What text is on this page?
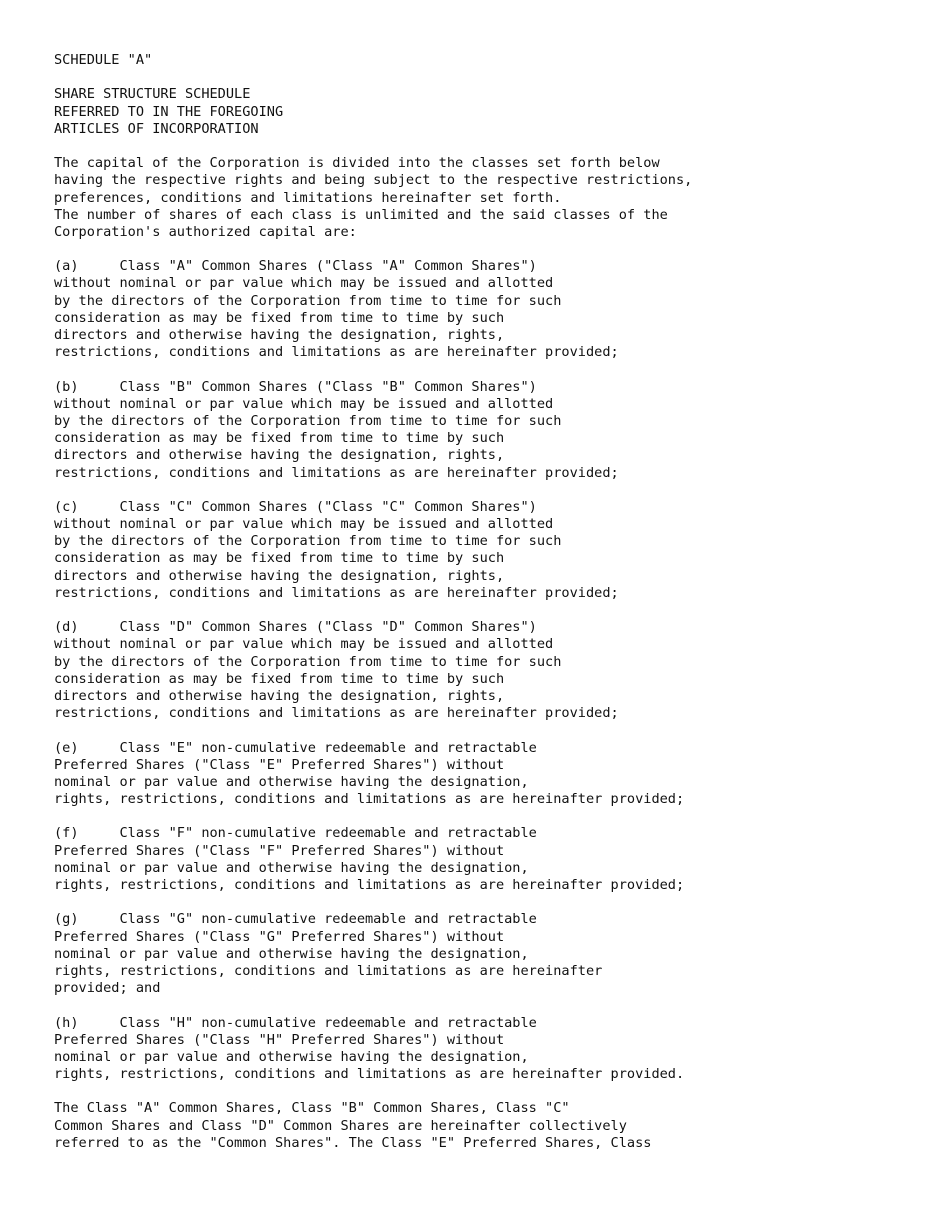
SCHEDULE "A"
SHARE STRUCTURE SCHEDULE
REFERRED TO IN THE FOREGOING
ARTICLES OF INCORPORATION
The capital of the Corporation is divided into the classes set forth below
having the respective rights and being subject to the respective restrictions,
preferences, conditions and limitations hereinafter set forth.
The number of shares of each class is unlimited and the said classes of the
Corporation's authorized capital are:
(a)     Class "A" Common Shares ("Class "A" Common Shares")
without nominal or par value which may be issued and allotted
by the directors of the Corporation from time to time for such
consideration as may be fixed from time to time by such
directors and otherwise having the designation, rights,
restrictions, conditions and limitations as are hereinafter provided;
(b)     Class "B" Common Shares ("Class "B" Common Shares")
without nominal or par value which may be issued and allotted
by the directors of the Corporation from time to time for such
consideration as may be fixed from time to time by such
directors and otherwise having the designation, rights,
restrictions, conditions and limitations as are hereinafter provided;
(c)     Class "C" Common Shares ("Class "C" Common Shares")
without nominal or par value which may be issued and allotted
by the directors of the Corporation from time to time for such
consideration as may be fixed from time to time by such
directors and otherwise having the designation, rights,
restrictions, conditions and limitations as are hereinafter provided;
(d)     Class "D" Common Shares ("Class "D" Common Shares")
without nominal or par value which may be issued and allotted
by the directors of the Corporation from time to time for such
consideration as may be fixed from time to time by such
directors and otherwise having the designation, rights,
restrictions, conditions and limitations as are hereinafter provided;
(e)     Class "E" non-cumulative redeemable and retractable
Preferred Shares ("Class "E" Preferred Shares") without
nominal or par value and otherwise having the designation,
rights, restrictions, conditions and limitations as are hereinafter provided;
(f)     Class "F" non-cumulative redeemable and retractable
Preferred Shares ("Class "F" Preferred Shares") without
nominal or par value and otherwise having the designation,
rights, restrictions, conditions and limitations as are hereinafter provided;
(g)     Class "G" non-cumulative redeemable and retractable
Preferred Shares ("Class "G" Preferred Shares") without
nominal or par value and otherwise having the designation,
rights, restrictions, conditions and limitations as are hereinafter
provided; and
(h)     Class "H" non-cumulative redeemable and retractable
Preferred Shares ("Class "H" Preferred Shares") without
nominal or par value and otherwise having the designation,
rights, restrictions, conditions and limitations as are hereinafter provided.
The Class "A" Common Shares, Class "B" Common Shares, Class "C"
Common Shares and Class "D" Common Shares are hereinafter collectively
referred to as the "Common Shares". The Class "E" Preferred Shares, Class
